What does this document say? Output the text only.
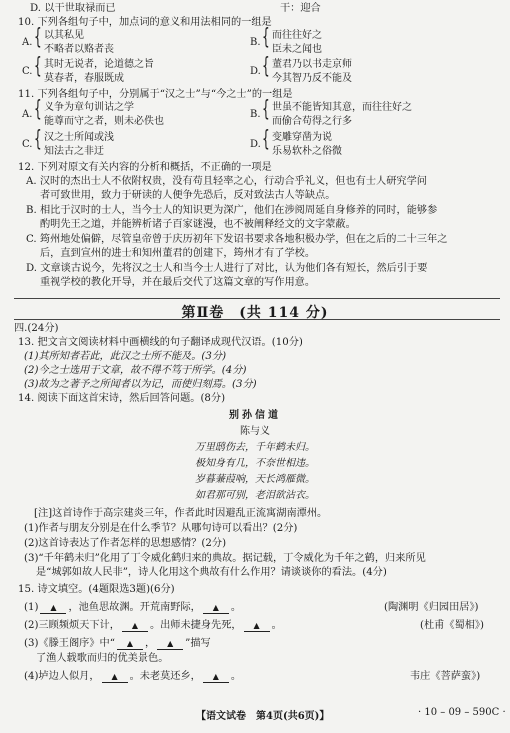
D. 以干世取禄而已	干：迎合
10. 下列各组句子中，加点词的意义和用法相同的一组是
A. { 以其私见
不略者以赂者丧
B. { 而往往好之
臣未之闻也
C. { 其时无说者，论道德之旨
莫春者，春服既成
D. { 董君乃以书走京师
今其智乃反不能及
11. 下列各组句子中，分别属于“汉之士”与“今之士”的一组是
A. { 义争为章句训诂之学
能尊而守之者，则未必佚也
B. { 世虽不能皆知其意，而往往好之
而偷合苟得之行多
C. { 汉之士所闻或浅
知法古之非迂
D. { 变雕穿凿为说
乐易软朴之俗微
12. 下列对原文有关内容的分析和概括，不正确的一项是
A. 汉时的杰出士人不依附权贵，没有苟且轻率之心，行动合乎礼义，但也有士人研究学问
者可致世用，致力于研读的人便争先恐后，反对致法古人等缺点。
B. 相比于汉时的士人，当今士人的知识更为深广，他们在涉阅周延自身修养的同时，能够参
酌明先王之道，并能辨析诸子百家谜漫，也不被阐释经文的文字蒙蔽。
C. 筠州地处偏僻，尽管皇帝曾于庆历初年下发诏书要求各地积极办学，但在之后的二十三年之
后，直到宣州的进士和知州董君的创建下，筠州才有了学校。
D. 文章谈古说今，先将汉之士人和当今士人进行了对比，认为他们各有短长，然后引于要
重视学校的教化开导，并在最后交代了这篇文章的写作用意。
第Ⅱ卷　(共 114 分)
四.(24分)
13. 把文言文阅读材料中画横线的句子翻译成现代汉语。(10分)
(1)其所知者若此，此汉之士所不能及。(3分)
(2)今之士选用于文章，故不得不笃于所学。(4分)
(3)故为之著予之所闻者以为记，而使归刻焉。(3分)
14. 阅读下面这首宋诗，然后回答问题。(8分)
别孙信道
陈与义
万里鸱伤去，千年鹤未归。
极知身有几，不奈世相违。
岁暮蒹葭响，天长鸿雁微。
如君那可别，老泪欲沾衣。
[注]这首诗作于高宗建炎三年，作者此时因避乱正流寓湖南潭州。
(1)作者与朋友分别是在什么季节？从哪句诗可以看出？(2分)
(2)这首诗表达了作者怎样的思想感情？(2分)
(3)“千年鹤未归”化用了丁令威化鹤归来的典故。据记载，丁令威化为千年之鹤，归来所见
是“城郭如故人民非”，诗人化用这个典故有什么作用？请谈谈你的看法。(4分)
15. 诗文填空。(4题限选3题)(6分)
(1) ▲ ，池鱼思故渊。开荒南野际， ▲ 。	(陶渊明《归园田居》)
(2)三顾频烦天下计， ▲ 。出师未捷身先死， ▲ 。	(杜甫《蜀相》)
(3)《滕王阁序》中“ ▲ ， ▲ ”描写
了渔人载歌而归的优美景色。
(4)垆边人似月， ▲ 。未老莫还乡， ▲ 。	韦庄《菩萨蛮》)
【语文试卷　第4页(共6页)】	· 10 – 09 – 590C ·
